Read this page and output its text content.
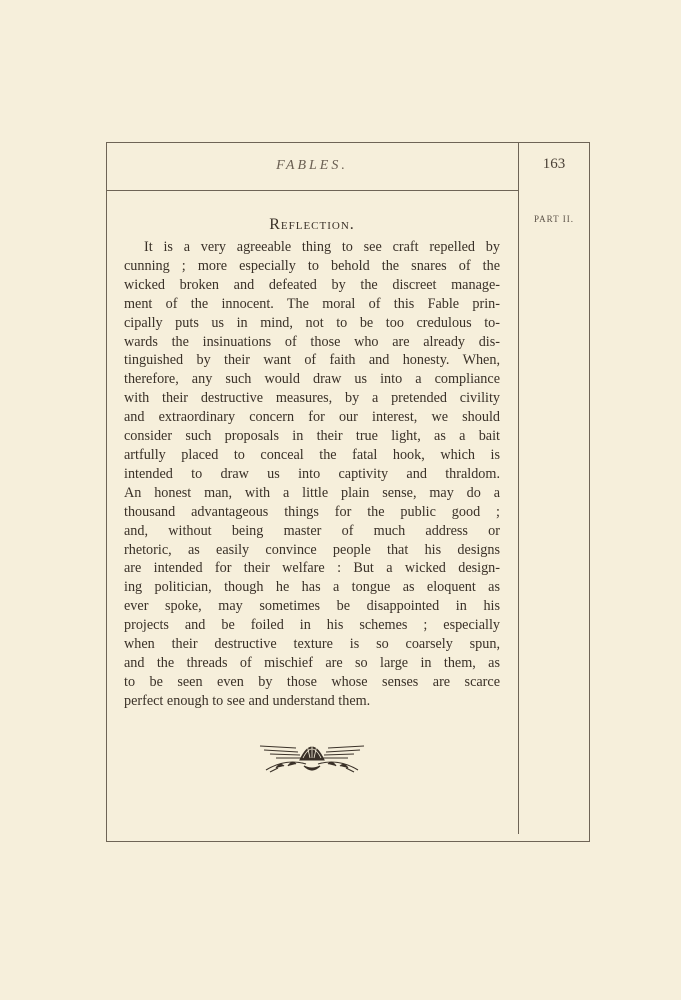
FABLES.	163
PART II.
Reflection.
It is a very agreeable thing to see craft repelled by
cunning ; more especially to behold the snares of the
wicked broken and defeated by the discreet manage-
ment of the innocent. The moral of this Fable prin-
cipally puts us in mind, not to be too credulous to-
wards the insinuations of those who are already dis-
tinguished by their want of faith and honesty. When,
therefore, any such would draw us into a compliance
with their destructive measures, by a pretended civility
and extraordinary concern for our interest, we should
consider such proposals in their true light, as a bait
artfully placed to conceal the fatal hook, which is
intended to draw us into captivity and thraldom.
An honest man, with a little plain sense, may do a
thousand advantageous things for the public good ;
and, without being master of much address or
rhetoric, as easily convince people that his designs
are intended for their welfare : But a wicked design-
ing politician, though he has a tongue as eloquent as
ever spoke, may sometimes be disappointed in his
projects and be foiled in his schemes ; especially
when their destructive texture is so coarsely spun,
and the threads of mischief are so large in them, as
to be seen even by those whose senses are scarce
perfect enough to see and understand them.
